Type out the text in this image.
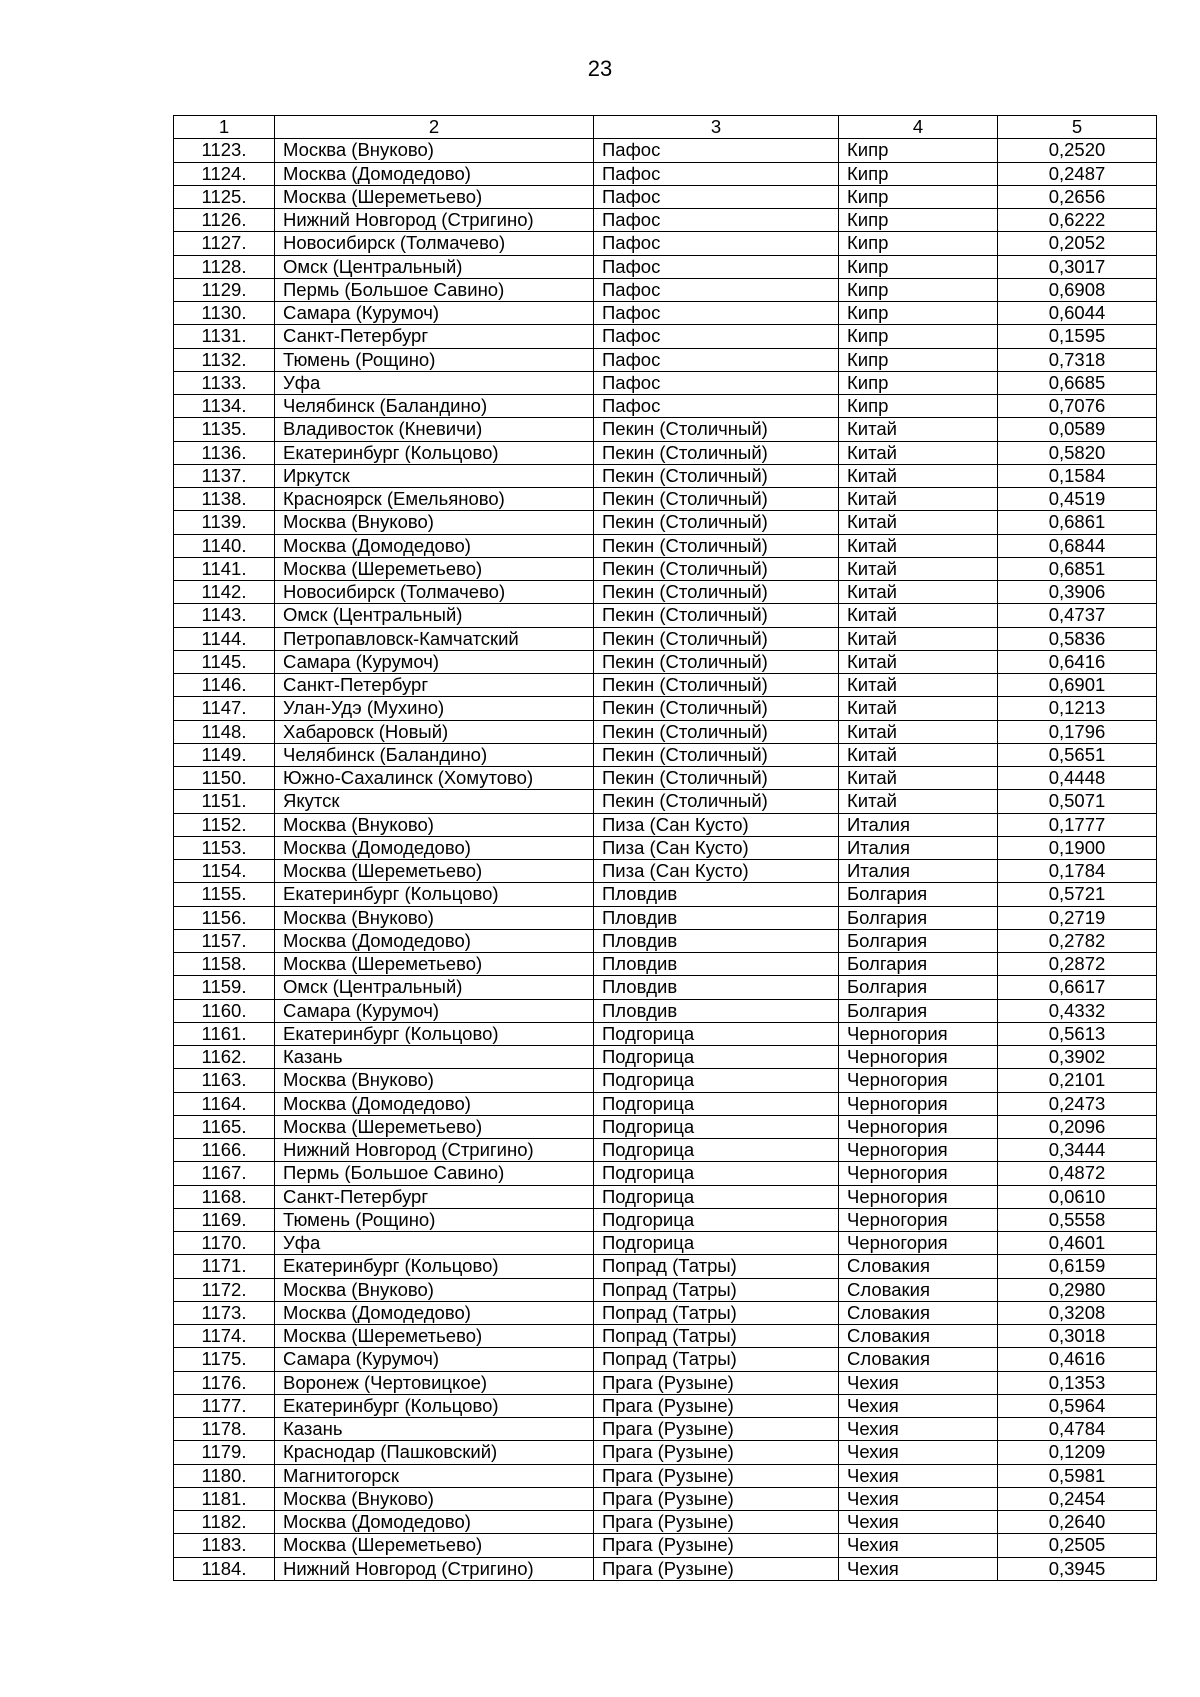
23
1	2	3	4	5
1123.	Москва (Внуково)	Пафос	Кипр	0,2520
1124.	Москва (Домодедово)	Пафос	Кипр	0,2487
1125.	Москва (Шереметьево)	Пафос	Кипр	0,2656
1126.	Нижний Новгород (Стригино)	Пафос	Кипр	0,6222
1127.	Новосибирск (Толмачево)	Пафос	Кипр	0,2052
1128.	Омск (Центральный)	Пафос	Кипр	0,3017
1129.	Пермь (Большое Савино)	Пафос	Кипр	0,6908
1130.	Самара (Курумоч)	Пафос	Кипр	0,6044
1131.	Санкт-Петербург	Пафос	Кипр	0,1595
1132.	Тюмень (Рощино)	Пафос	Кипр	0,7318
1133.	Уфа	Пафос	Кипр	0,6685
1134.	Челябинск (Баландино)	Пафос	Кипр	0,7076
1135.	Владивосток (Кневичи)	Пекин (Столичный)	Китай	0,0589
1136.	Екатеринбург (Кольцово)	Пекин (Столичный)	Китай	0,5820
1137.	Иркутск	Пекин (Столичный)	Китай	0,1584
1138.	Красноярск (Емельяново)	Пекин (Столичный)	Китай	0,4519
1139.	Москва (Внуково)	Пекин (Столичный)	Китай	0,6861
1140.	Москва (Домодедово)	Пекин (Столичный)	Китай	0,6844
1141.	Москва (Шереметьево)	Пекин (Столичный)	Китай	0,6851
1142.	Новосибирск (Толмачево)	Пекин (Столичный)	Китай	0,3906
1143.	Омск (Центральный)	Пекин (Столичный)	Китай	0,4737
1144.	Петропавловск-Камчатский	Пекин (Столичный)	Китай	0,5836
1145.	Самара (Курумоч)	Пекин (Столичный)	Китай	0,6416
1146.	Санкт-Петербург	Пекин (Столичный)	Китай	0,6901
1147.	Улан-Удэ (Мухино)	Пекин (Столичный)	Китай	0,1213
1148.	Хабаровск (Новый)	Пекин (Столичный)	Китай	0,1796
1149.	Челябинск (Баландино)	Пекин (Столичный)	Китай	0,5651
1150.	Южно-Сахалинск (Хомутово)	Пекин (Столичный)	Китай	0,4448
1151.	Якутск	Пекин (Столичный)	Китай	0,5071
1152.	Москва (Внуково)	Пиза (Сан Кусто)	Италия	0,1777
1153.	Москва (Домодедово)	Пиза (Сан Кусто)	Италия	0,1900
1154.	Москва (Шереметьево)	Пиза (Сан Кусто)	Италия	0,1784
1155.	Екатеринбург (Кольцово)	Пловдив	Болгария	0,5721
1156.	Москва (Внуково)	Пловдив	Болгария	0,2719
1157.	Москва (Домодедово)	Пловдив	Болгария	0,2782
1158.	Москва (Шереметьево)	Пловдив	Болгария	0,2872
1159.	Омск (Центральный)	Пловдив	Болгария	0,6617
1160.	Самара (Курумоч)	Пловдив	Болгария	0,4332
1161.	Екатеринбург (Кольцово)	Подгорица	Черногория	0,5613
1162.	Казань	Подгорица	Черногория	0,3902
1163.	Москва (Внуково)	Подгорица	Черногория	0,2101
1164.	Москва (Домодедово)	Подгорица	Черногория	0,2473
1165.	Москва (Шереметьево)	Подгорица	Черногория	0,2096
1166.	Нижний Новгород (Стригино)	Подгорица	Черногория	0,3444
1167.	Пермь (Большое Савино)	Подгорица	Черногория	0,4872
1168.	Санкт-Петербург	Подгорица	Черногория	0,0610
1169.	Тюмень (Рощино)	Подгорица	Черногория	0,5558
1170.	Уфа	Подгорица	Черногория	0,4601
1171.	Екатеринбург (Кольцово)	Попрад (Татры)	Словакия	0,6159
1172.	Москва (Внуково)	Попрад (Татры)	Словакия	0,2980
1173.	Москва (Домодедово)	Попрад (Татры)	Словакия	0,3208
1174.	Москва (Шереметьево)	Попрад (Татры)	Словакия	0,3018
1175.	Самара (Курумоч)	Попрад (Татры)	Словакия	0,4616
1176.	Воронеж (Чертовицкое)	Прага (Рузыне)	Чехия	0,1353
1177.	Екатеринбург (Кольцово)	Прага (Рузыне)	Чехия	0,5964
1178.	Казань	Прага (Рузыне)	Чехия	0,4784
1179.	Краснодар (Пашковский)	Прага (Рузыне)	Чехия	0,1209
1180.	Магнитогорск	Прага (Рузыне)	Чехия	0,5981
1181.	Москва (Внуково)	Прага (Рузыне)	Чехия	0,2454
1182.	Москва (Домодедово)	Прага (Рузыне)	Чехия	0,2640
1183.	Москва (Шереметьево)	Прага (Рузыне)	Чехия	0,2505
1184.	Нижний Новгород (Стригино)	Прага (Рузыне)	Чехия	0,3945
